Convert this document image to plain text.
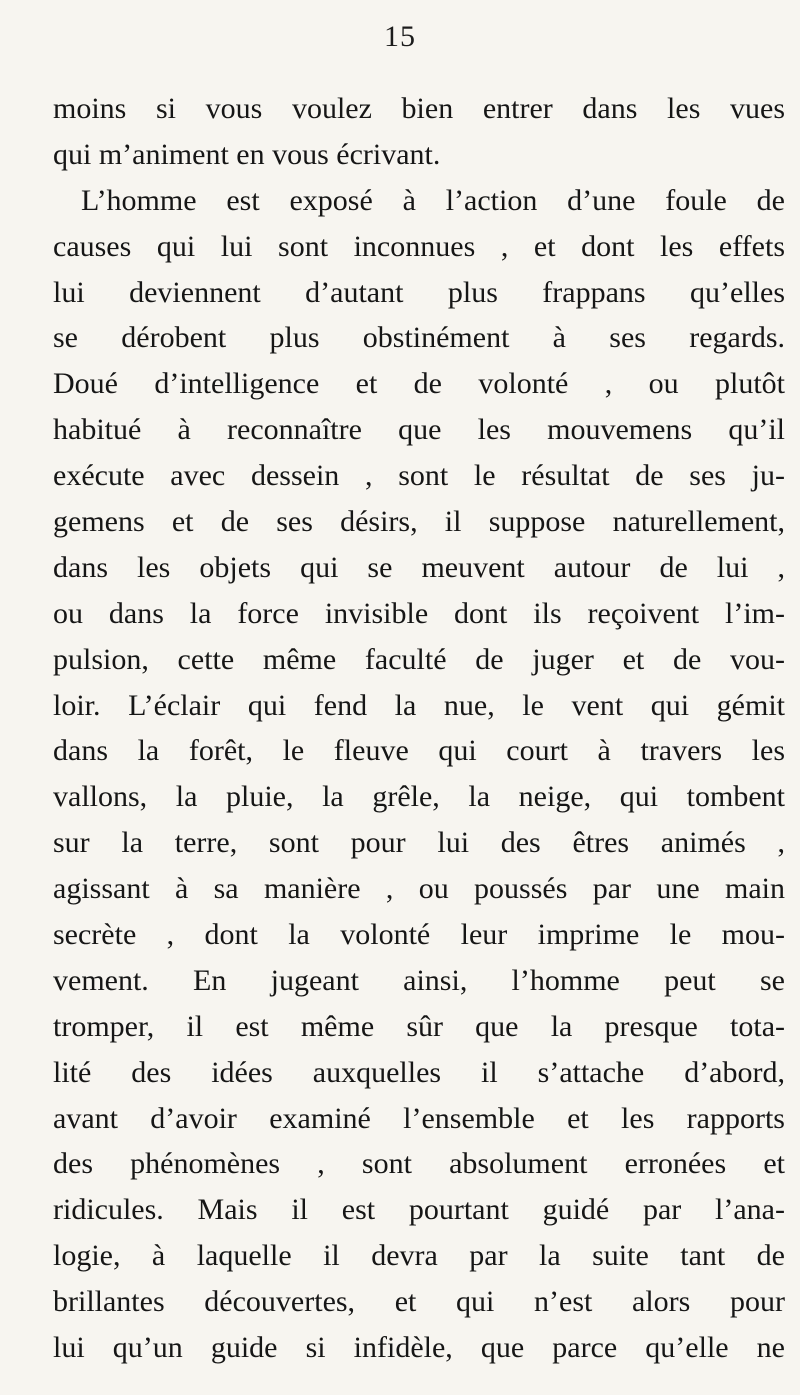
15
moins si vous voulez bien entrer dans les vues
qui m’animent en vous écrivant.
L’homme est exposé à l’action d’une foule de
causes qui lui sont inconnues , et dont les effets
lui deviennent d’autant plus frappans qu’elles
se dérobent plus obstinément à ses regards.
Doué d’intelligence et de volonté , ou plutôt
habitué à reconnaître que les mouvemens qu’il
exécute avec dessein , sont le résultat de ses ju-
gemens et de ses désirs, il suppose naturellement,
dans les objets qui se meuvent autour de lui ,
ou dans la force invisible dont ils reçoivent l’im-
pulsion, cette même faculté de juger et de vou-
loir. L’éclair qui fend la nue, le vent qui gémit
dans la forêt, le fleuve qui court à travers les
vallons, la pluie, la grêle, la neige, qui tombent
sur la terre, sont pour lui des êtres animés ,
agissant à sa manière , ou poussés par une main
secrète , dont la volonté leur imprime le mou-
vement. En jugeant ainsi, l’homme peut se
tromper, il est même sûr que la presque tota-
lité des idées auxquelles il s’attache d’abord,
avant d’avoir examiné l’ensemble et les rapports
des phénomènes , sont absolument erronées et
ridicules. Mais il est pourtant guidé par l’ana-
logie, à laquelle il devra par la suite tant de
brillantes découvertes, et qui n’est alors pour
lui qu’un guide si infidèle, que parce qu’elle ne
